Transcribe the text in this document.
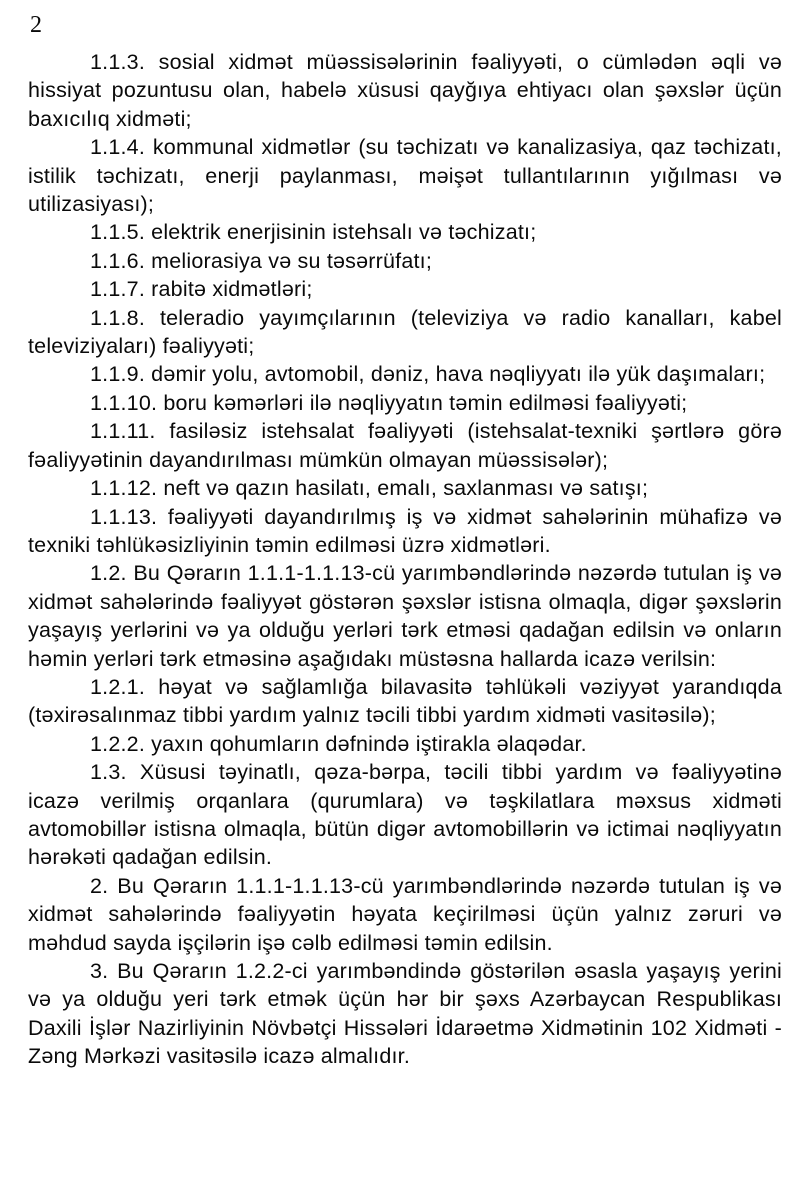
2

1.1.3. sosial xidmət müəssisələrinin fəaliyyəti, o cümlədən əqli və hissiyat pozuntusu olan, habelə xüsusi qayğıya ehtiyacı olan şəxslər üçün baxıcılıq xidməti;

1.1.4. kommunal xidmətlər (su təchizatı və kanalizasiya, qaz təchizatı, istilik təchizatı, enerji paylanması, məişət tullantılarının yığılması və utilizasiyası);

1.1.5. elektrik enerjisinin istehsalı və təchizatı;

1.1.6. meliorasiya və su təsərrüfatı;

1.1.7. rabitə xidmətləri;

1.1.8. teleradio yayımçılarının (televiziya və radio kanalları, kabel televiziyaları) fəaliyyəti;

1.1.9. dəmir yolu, avtomobil, dəniz, hava nəqliyyatı ilə yük daşımaları;

1.1.10. boru kəmərləri ilə nəqliyyatın təmin edilməsi fəaliyyəti;

1.1.11. fasiləsiz istehsalat fəaliyyəti (istehsalat-texniki şərtlərə görə fəaliyyətinin dayandırılması mümkün olmayan müəssisələr);

1.1.12. neft və qazın hasilatı, emalı, saxlanması və satışı;

1.1.13. fəaliyyəti dayandırılmış iş və xidmət sahələrinin mühafizə və texniki təhlükəsizliyinin təmin edilməsi üzrə xidmətləri.

1.2. Bu Qərarın 1.1.1-1.1.13-cü yarımbəndlərində nəzərdə tutulan iş və xidmət sahələrində fəaliyyət göstərən şəxslər istisna olmaqla, digər şəxslərin yaşayış yerlərini və ya olduğu yerləri tərk etməsi qadağan edilsin və onların həmin yerləri tərk etməsinə aşağıdakı müstəsna hallarda icazə verilsin:

1.2.1. həyat və sağlamlığa bilavasitə təhlükəli vəziyyət yarandıqda (təxirəsalınmaz tibbi yardım yalnız təcili tibbi yardım xidməti vasitəsilə);

1.2.2. yaxın qohumların dəfnində iştirakla əlaqədar.

1.3. Xüsusi təyinatlı, qəza-bərpa, təcili tibbi yardım və fəaliyyətinə icazə verilmiş orqanlara (qurumlara) və təşkilatlara məxsus xidməti avtomobillər istisna olmaqla, bütün digər avtomobillərin və ictimai nəqliyyatın hərəkəti qadağan edilsin.

2. Bu Qərarın 1.1.1-1.1.13-cü yarımbəndlərində nəzərdə tutulan iş və xidmət sahələrində fəaliyyətin həyata keçirilməsi üçün yalnız zəruri və məhdud sayda işçilərin işə cəlb edilməsi təmin edilsin.

3. Bu Qərarın 1.2.2-ci yarımbəndində göstərilən əsasla yaşayış yerini və ya olduğu yeri tərk etmək üçün hər bir şəxs Azərbaycan Respublikası Daxili İşlər Nazirliyinin Növbətçi Hissələri İdarəetmə Xidmətinin 102 Xidməti - Zəng Mərkəzi vasitəsilə icazə almalıdır.
